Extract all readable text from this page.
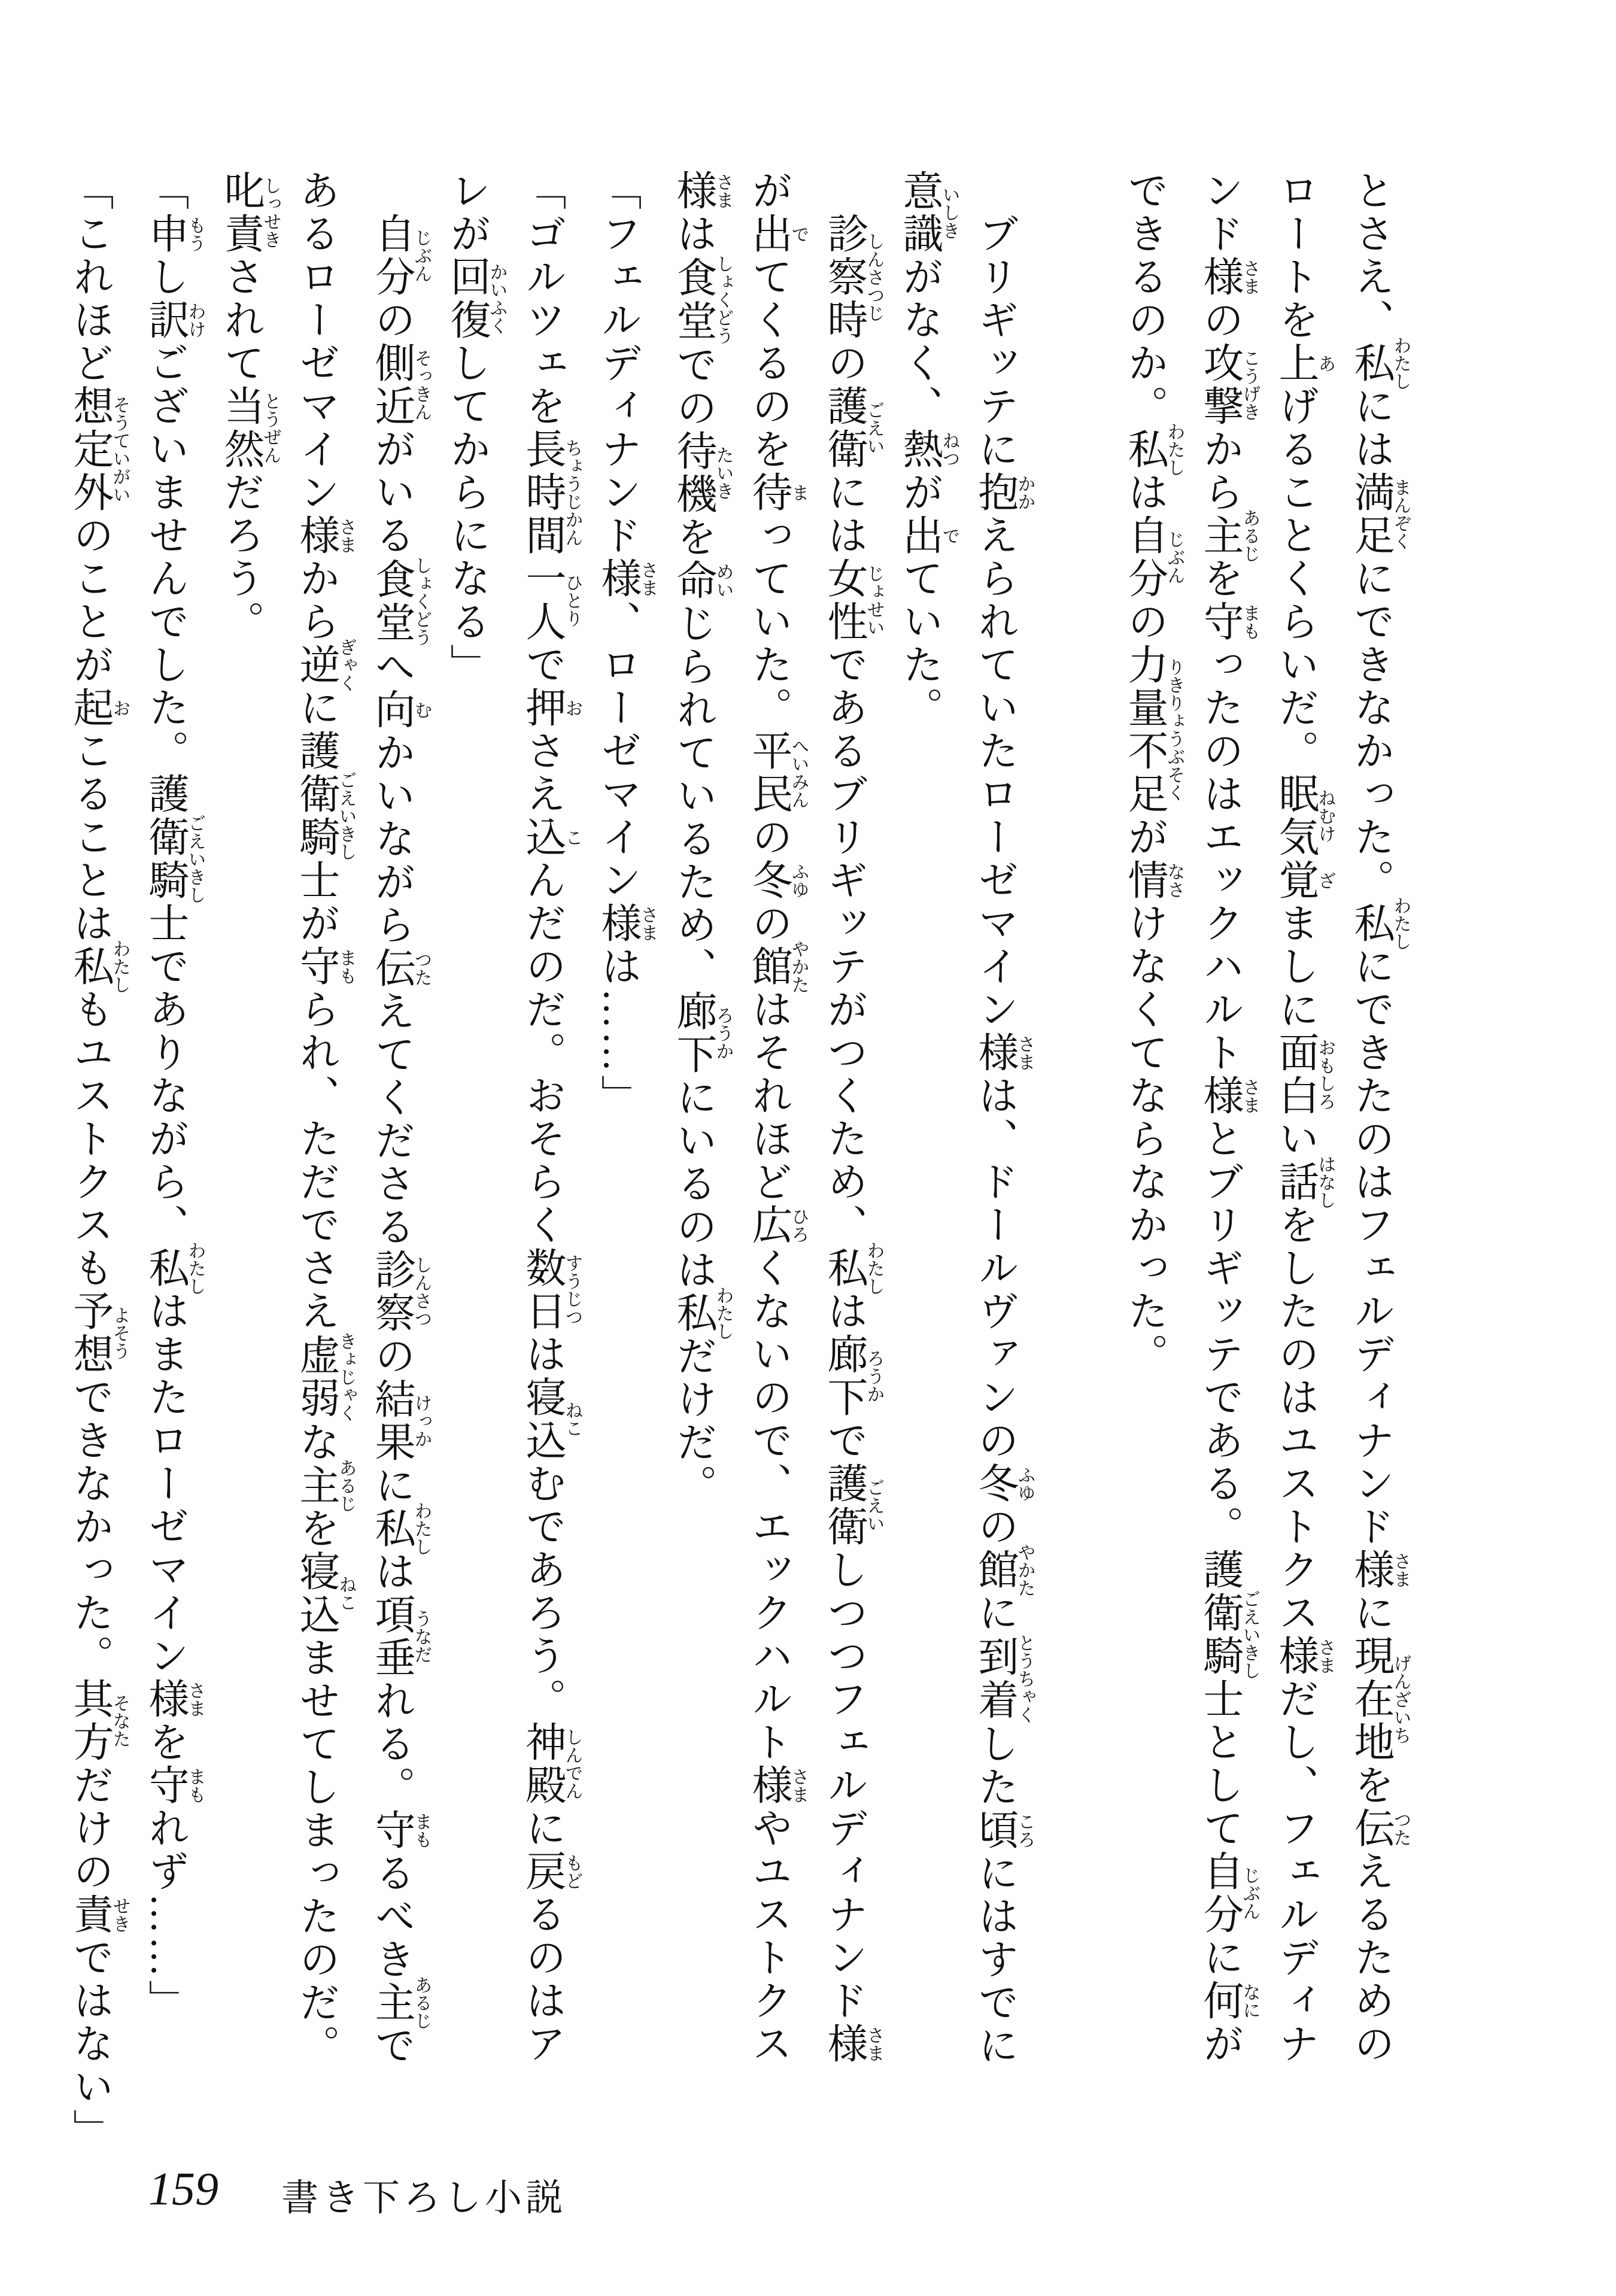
とさえ、私わたしには満足まんぞくにできなかった。私わたしにできたのはフェルディナンド様さまに現在地げんざいちを伝つたえるための

ロートを上あげることくらいだ。眠気ねむけ覚ざましに面白おもしろい話はなしをしたのはユストクス様さまだし、フェルディナ

ンド様さまの攻撃こうげきから主あるじを守まもったのはエックハルト様さまとブリギッテである。護衛騎士ごえいきしとして自分じぶんに何なにが

できるのか。私わたしは自分じぶんの力量不足りきりょうぶそくが情なさけなくてならなかった。

ブリギッテに抱かかえられていたローゼマイン様さまは、ドールヴァンの冬ふゆの館やかたに到着とうちゃくした頃ころにはすでに

意識いしきがなく、熱ねつが出でていた。

診察時しんさつじの護衛ごえいには女性じょせいであるブリギッテがつくため、私わたしは廊下ろうかで護衛ごえいしつつフェルディナンド様さま

が出でてくるのを待まっていた。平民へいみんの冬ふゆの館やかたはそれほど広ひろくないので、エックハルト様さまやユストクス

様さまは食堂しょくどうでの待機たいきを命めいじられているため、廊下ろうかにいるのは私わたしだけだ。

「フェルディナンド様さま、ローゼマイン様さまは……」

「ゴルツェを長時間ちょうじかん一人ひとりで押おさえ込こんだのだ。おそらく数日すうじつは寝込ねこむであろう。神殿しんでんに戻もどるのはア

レが回復かいふくしてからになる」

自分じぶんの側近そっきんがいる食堂しょくどうへ向むかいながら伝つたえてくださる診察しんさつの結果けっかに私わたしは項垂うなだれる。守まもるべき主あるじで

あるローゼマイン様さまから逆ぎゃくに護衛騎士ごえいきしが守まもられ、ただでさえ虚弱きょじゃくな主あるじを寝込ねこませてしまったのだ。

叱責しっせきされて当然とうぜんだろう。

「申もうし訳わけございませんでした。護衛騎士ごえいきしでありながら、私わたしはまたローゼマイン様さまを守まもれず……」

「これほど想定外そうていがいのことが起おこることは私わたしもユストクスも予想よそうできなかった。其方そなただけの責せきではない」

159 書き下ろし小説
